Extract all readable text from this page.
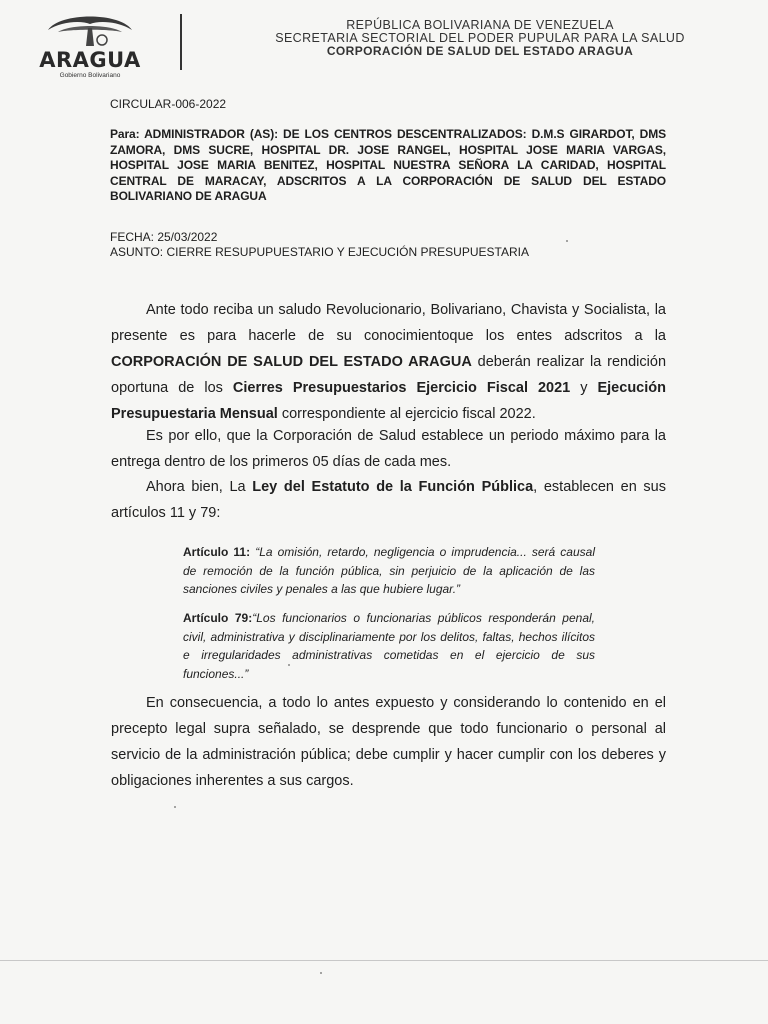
ARAGUA
Gobierno Bolivariano
REPÚBLICA BOLIVARIANA DE VENEZUELA
SECRETARIA SECTORIAL DEL PODER PUPULAR PARA LA SALUD
CORPORACIÓN DE SALUD DEL ESTADO ARAGUA
CIRCULAR-006-2022
Para: ADMINISTRADOR (AS): DE LOS CENTROS DESCENTRALIZADOS: D.M.S GIRARDOT, DMS ZAMORA, DMS SUCRE, HOSPITAL DR. JOSE RANGEL, HOSPITAL JOSE MARIA VARGAS, HOSPITAL JOSE MARIA BENITEZ, HOSPITAL NUESTRA SEÑORA LA CARIDAD, HOSPITAL CENTRAL DE MARACAY, ADSCRITOS A LA CORPORACIÓN DE SALUD DEL ESTADO BOLIVARIANO DE ARAGUA
FECHA: 25/03/2022
ASUNTO: CIERRE RESUPUPUESTARIO Y EJECUCIÓN PRESUPUESTARIA
Ante todo reciba un saludo Revolucionario, Bolivariano, Chavista y Socialista, la presente es para hacerle de su conocimientoque los entes adscritos a la CORPORACIÓN DE SALUD DEL ESTADO ARAGUA deberán realizar la rendición oportuna de los Cierres Presupuestarios Ejercicio Fiscal 2021 y Ejecución Presupuestaria Mensual correspondiente al ejercicio fiscal 2022.
Es por ello, que la Corporación de Salud establece un periodo máximo para la entrega dentro de los primeros 05 días de cada mes.
Ahora bien, La Ley del Estatuto de la Función Pública, establecen en sus artículos 11 y 79:
Artículo 11: “La omisión, retardo, negligencia o imprudencia... será causal de remoción de la función pública, sin perjuicio de la aplicación de las sanciones civiles y penales a las que hubiere lugar.”
Artículo 79:“Los funcionarios o funcionarias públicos responderán penal, civil, administrativa y disciplinariamente por los delitos, faltas, hechos ilícitos e irregularidades administrativas cometidas en el ejercicio de sus funciones...”
En consecuencia, a todo lo antes expuesto y considerando lo contenido en el precepto legal supra señalado, se desprende que todo funcionario o personal al servicio de la administración pública; debe cumplir y hacer cumplir con los deberes y obligaciones inherentes a sus cargos.
